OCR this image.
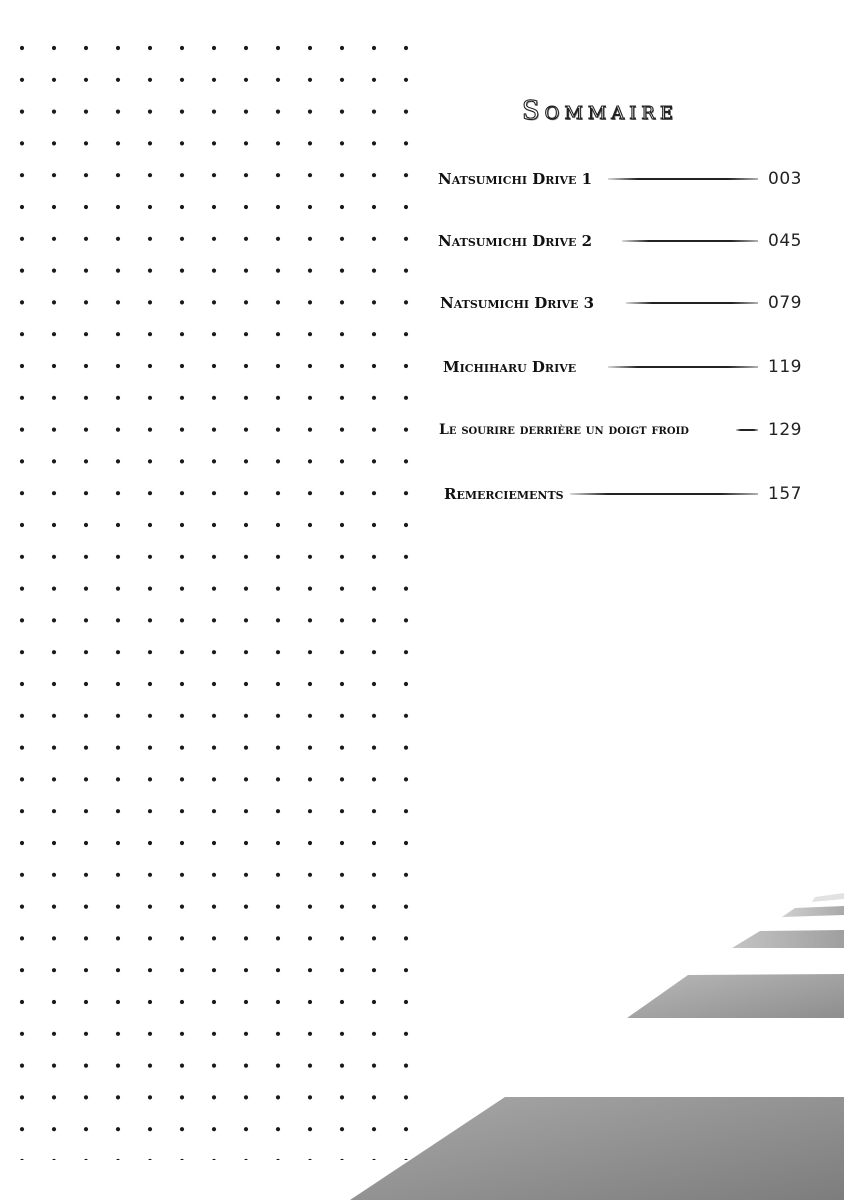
Sommaire
Natsumichi Drive 1	003
Natsumichi Drive 2	045
Natsumichi Drive 3	079
Michiharu Drive	119
Le sourire derrière un doigt froid	129
Remerciements	157
